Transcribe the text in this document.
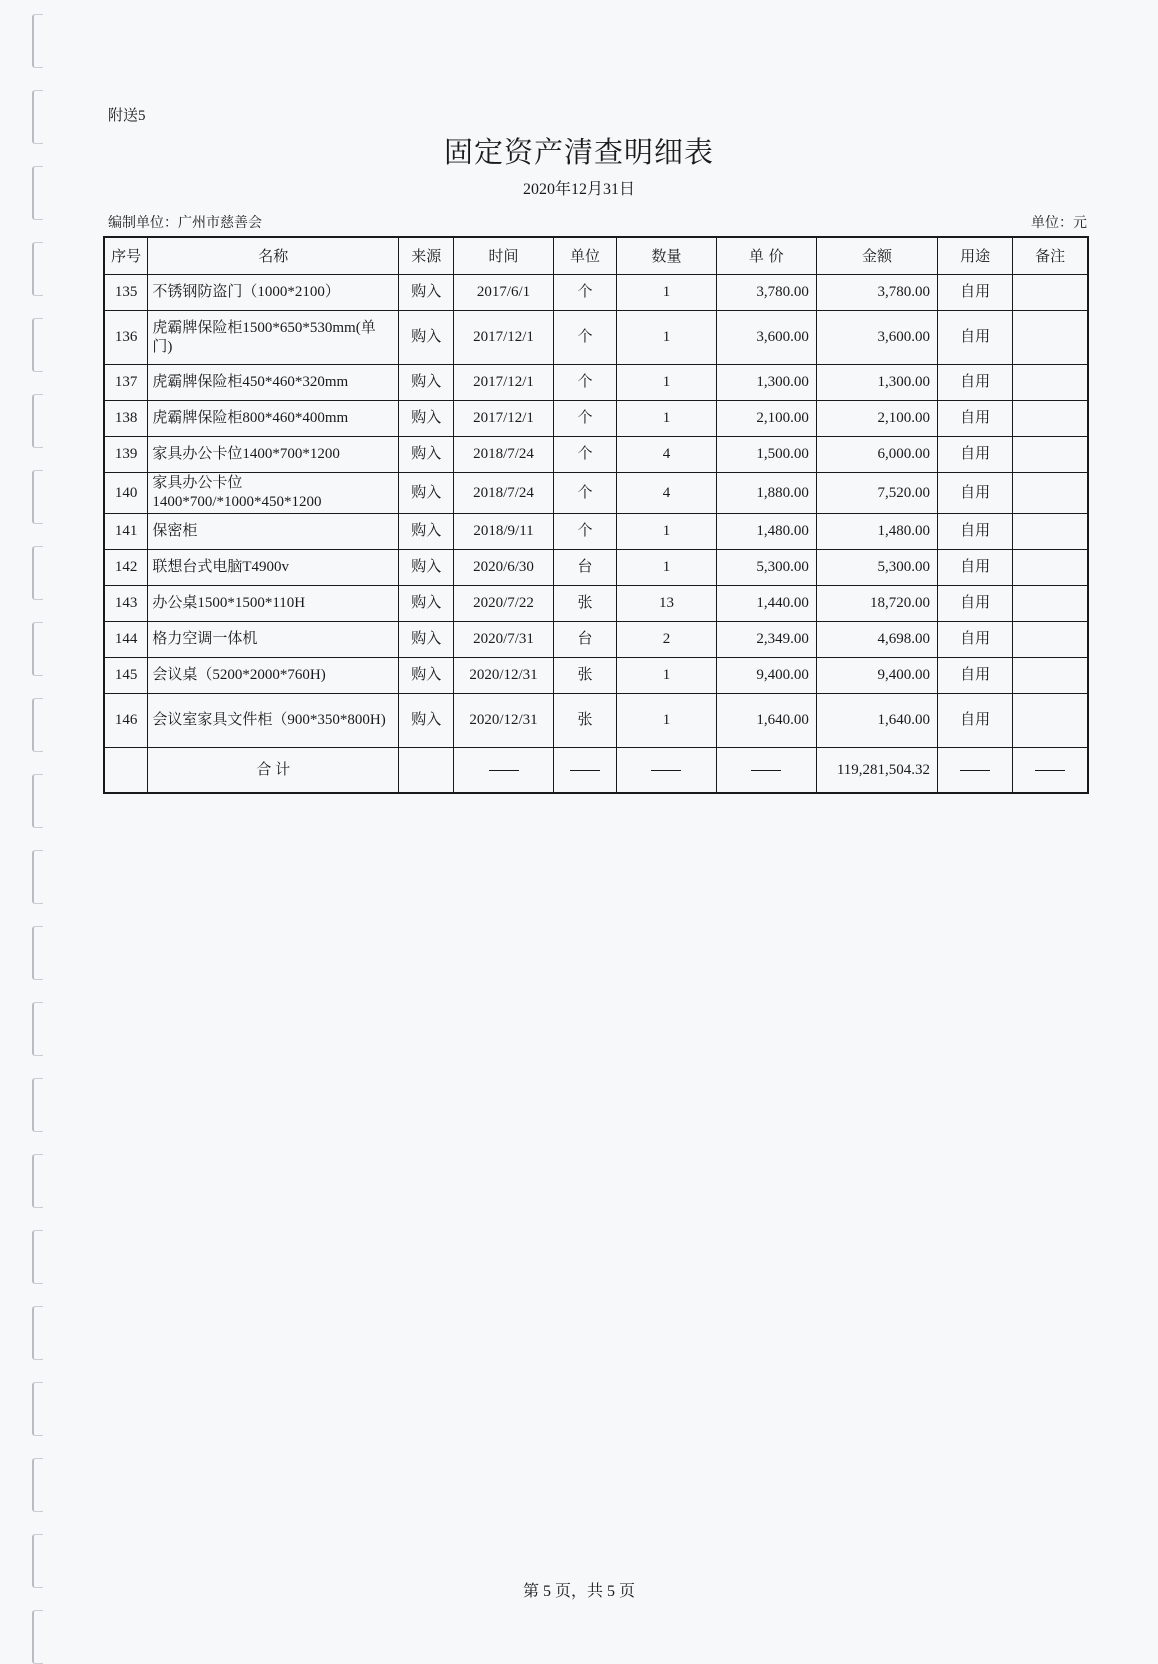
附送5
固定资产清查明细表
2020年12月31日
编制单位：广州市慈善会	单位：元
序号	名称	来源	时间	单位	数量	单 价	金额	用途	备注
135	不锈钢防盗门（1000*2100）	购入	2017/6/1	个	1	3,780.00	3,780.00	自用	
136	虎霸牌保险柜1500*650*530mm(单门)	购入	2017/12/1	个	1	3,600.00	3,600.00	自用	
137	虎霸牌保险柜450*460*320mm	购入	2017/12/1	个	1	1,300.00	1,300.00	自用	
138	虎霸牌保险柜800*460*400mm	购入	2017/12/1	个	1	2,100.00	2,100.00	自用	
139	家具办公卡位1400*700*1200	购入	2018/7/24	个	4	1,500.00	6,000.00	自用	
140	家具办公卡位1400*700/*1000*450*1200	购入	2018/7/24	个	4	1,880.00	7,520.00	自用	
141	保密柜	购入	2018/9/11	个	1	1,480.00	1,480.00	自用	
142	联想台式电脑T4900v	购入	2020/6/30	台	1	5,300.00	5,300.00	自用	
143	办公桌1500*1500*110H	购入	2020/7/22	张	13	1,440.00	18,720.00	自用	
144	格力空调一体机	购入	2020/7/31	台	2	2,349.00	4,698.00	自用	
145	会议桌（5200*2000*760H)	购入	2020/12/31	张	1	9,400.00	9,400.00	自用	
146	会议室家具文件柜（900*350*800H)	购入	2020/12/31	张	1	1,640.00	1,640.00	自用	
	合 计						119,281,504.32		
第 5 页，共 5 页
